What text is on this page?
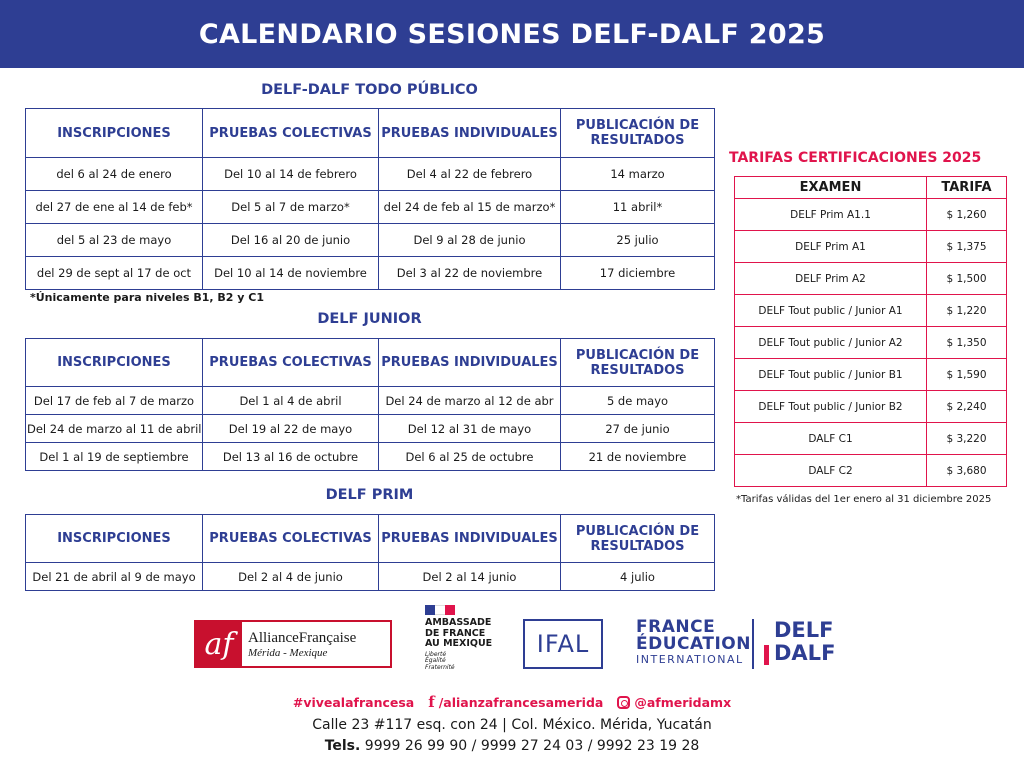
CALENDARIO SESIONES DELF-DALF 2025
DELF-DALF TODO PÚBLICO
INSCRIPCIONES	PRUEBAS COLECTIVAS	PRUEBAS INDIVIDUALES	PUBLICACIÓN DE RESULTADOS
del 6 al 24 de enero	Del 10 al 14 de febrero	Del 4 al 22 de febrero	14 marzo
del 27 de ene al 14 de feb*	Del 5 al 7 de marzo*	del 24 de feb al 15 de marzo*	11 abril*
del 5 al 23 de mayo	Del 16 al 20 de junio	Del 9 al 28 de junio	25 julio
del 29 de sept al 17 de oct	Del 10 al 14 de noviembre	Del 3 al 22 de noviembre	17 diciembre
*Únicamente para niveles B1, B2 y C1
DELF JUNIOR
INSCRIPCIONES	PRUEBAS COLECTIVAS	PRUEBAS INDIVIDUALES	PUBLICACIÓN DE RESULTADOS
Del 17 de feb al 7 de marzo	Del 1 al 4 de abril	Del 24 de marzo al 12 de abr	5 de mayo
Del 24 de marzo al 11 de abril	Del 19 al 22 de mayo	Del 12 al 31 de mayo	27 de junio
Del 1 al 19 de septiembre	Del 13 al 16 de octubre	Del 6 al 25 de octubre	21 de noviembre
DELF PRIM
INSCRIPCIONES	PRUEBAS COLECTIVAS	PRUEBAS INDIVIDUALES	PUBLICACIÓN DE RESULTADOS
Del 21 de abril al 9 de mayo	Del 2 al 4 de junio	Del 2 al 14 junio	4 julio
TARIFAS CERTIFICACIONES 2025
EXAMEN	TARIFA
DELF Prim A1.1	$ 1,260
DELF Prim A1	$ 1,375
DELF Prim A2	$ 1,500
DELF Tout public / Junior A1	$ 1,220
DELF Tout public / Junior A2	$ 1,350
DELF Tout public / Junior B1	$ 1,590
DELF Tout public / Junior B2	$ 2,240
DALF C1	$ 3,220
DALF C2	$ 3,680
*Tarifas válidas del 1er enero al 31 diciembre 2025
af AllianceFrançaise
Mérida - Mexique
AMBASSADE
DE FRANCE
AU MEXIQUE
Liberté
Égalité
Fraternité
IFAL
FRANCE
ÉDUCATION
INTERNATIONAL
DELF
DALF
#vivealafrancesa f /alianzafrancesamerida @afmeridamx
Calle 23 #117 esq. con 24 | Col. México. Mérida, Yucatán
Tels. 9999 26 99 90 / 9999 27 24 03 / 9992 23 19 28
